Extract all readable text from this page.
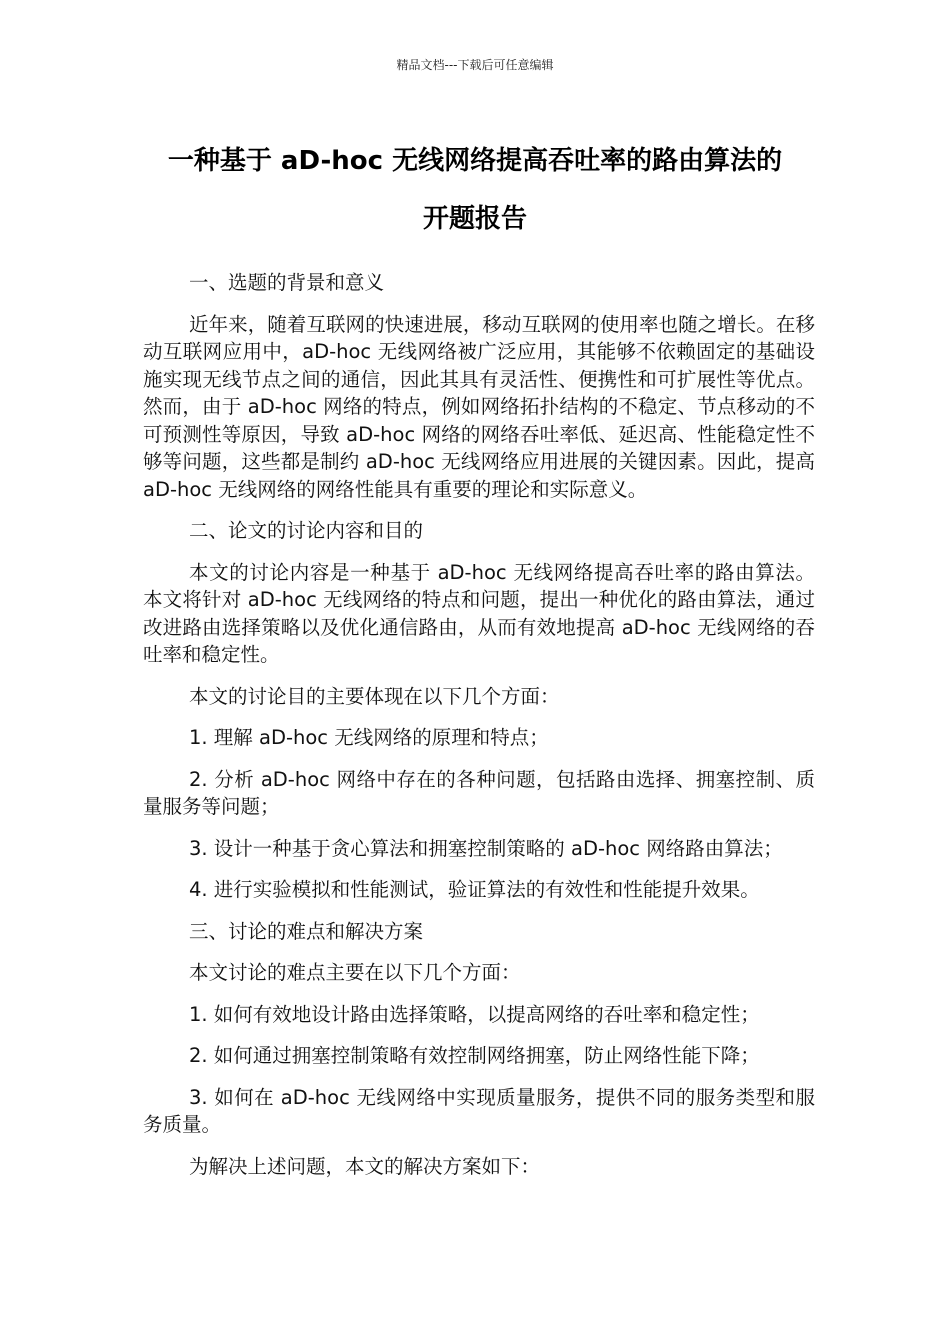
精品文档---下载后可任意编辑
一种基于 aD-hoc 无线网络提高吞吐率的路由算法的
开题报告

一、选题的背景和意义

近年来，随着互联网的快速进展，移动互联网的使用率也随之增长。在移动互联网应用中，aD-hoc 无线网络被广泛应用，其能够不依赖固定的基础设施实现无线节点之间的通信，因此其具有灵活性、便携性和可扩展性等优点。然而，由于 aD-hoc 网络的特点，例如网络拓扑结构的不稳定、节点移动的不可预测性等原因，导致 aD-hoc 网络的网络吞吐率低、延迟高、性能稳定性不够等问题，这些都是制约 aD-hoc 无线网络应用进展的关键因素。因此，提高 aD-hoc 无线网络的网络性能具有重要的理论和实际意义。

二、论文的讨论内容和目的

本文的讨论内容是一种基于 aD-hoc 无线网络提高吞吐率的路由算法。本文将针对 aD-hoc 无线网络的特点和问题，提出一种优化的路由算法，通过改进路由选择策略以及优化通信路由，从而有效地提高 aD-hoc 无线网络的吞吐率和稳定性。

本文的讨论目的主要体现在以下几个方面：

1. 理解 aD-hoc 无线网络的原理和特点；

2. 分析 aD-hoc 网络中存在的各种问题，包括路由选择、拥塞控制、质量服务等问题；

3. 设计一种基于贪心算法和拥塞控制策略的 aD-hoc 网络路由算法；

4. 进行实验模拟和性能测试，验证算法的有效性和性能提升效果。

三、讨论的难点和解决方案

本文讨论的难点主要在以下几个方面：

1. 如何有效地设计路由选择策略，以提高网络的吞吐率和稳定性；

2. 如何通过拥塞控制策略有效控制网络拥塞，防止网络性能下降；

3. 如何在 aD-hoc 无线网络中实现质量服务，提供不同的服务类型和服务质量。

为解决上述问题，本文的解决方案如下：
